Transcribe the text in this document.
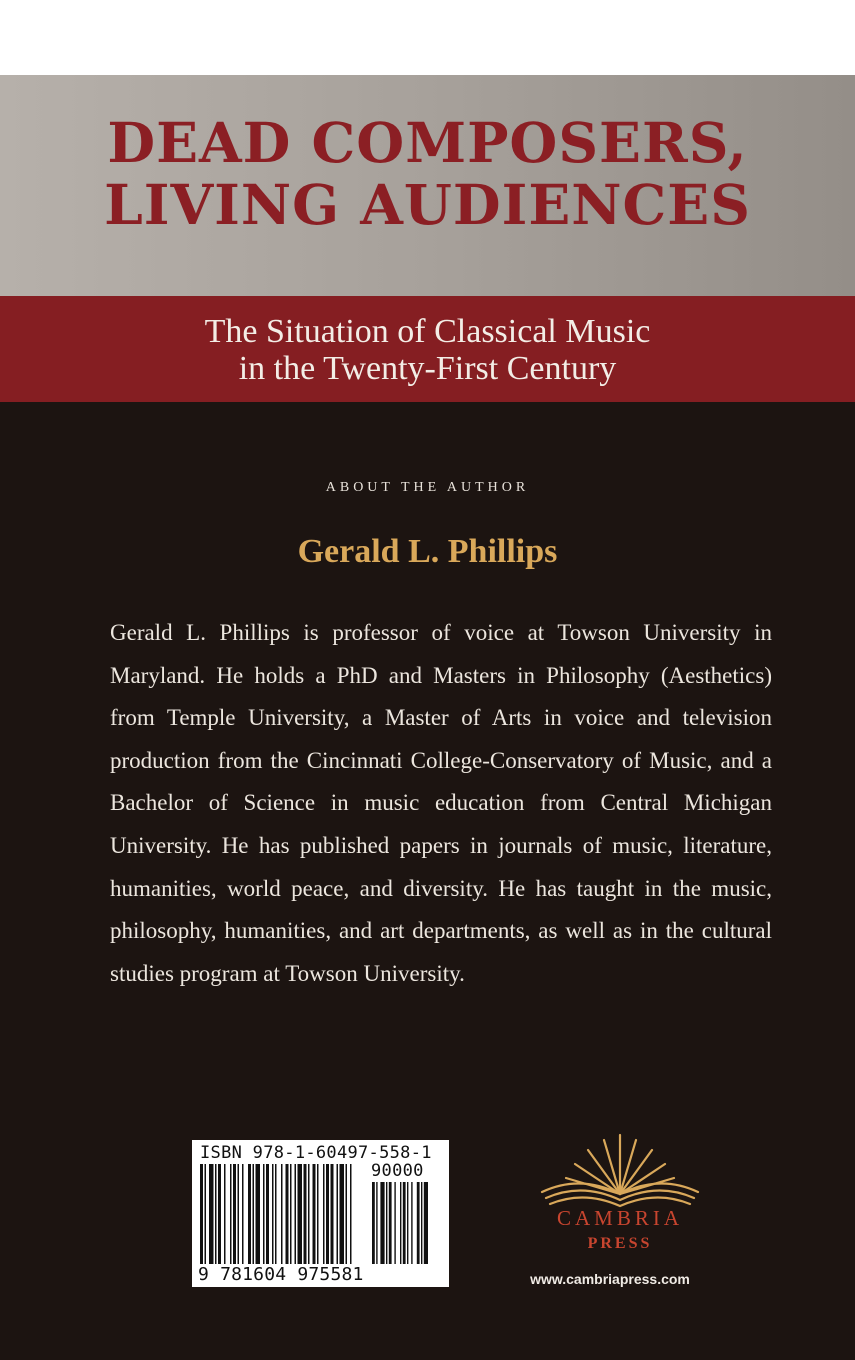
DEAD COMPOSERS,
LIVING AUDIENCES
The Situation of Classical Music
in the Twenty-First Century
ABOUT THE AUTHOR
Gerald L. Phillips
Gerald L. Phillips is professor of voice at Towson University in Maryland. He holds a PhD and Masters in Philosophy (Aesthetics) from Temple University, a Master of Arts in voice and television production from the Cincinnati College-Conservatory of Music, and a Bachelor of Science in music education from Central Michigan University. He has published papers in journals of music, literature, humanities, world peace, and diversity. He has taught in the music, philosophy, humanities, and art departments, as well as in the cultural studies program at Towson University.
ISBN 978-1-60497-558-1
90000
9 781604 975581
CAMBRIA
PRESS
www.cambriapress.com
